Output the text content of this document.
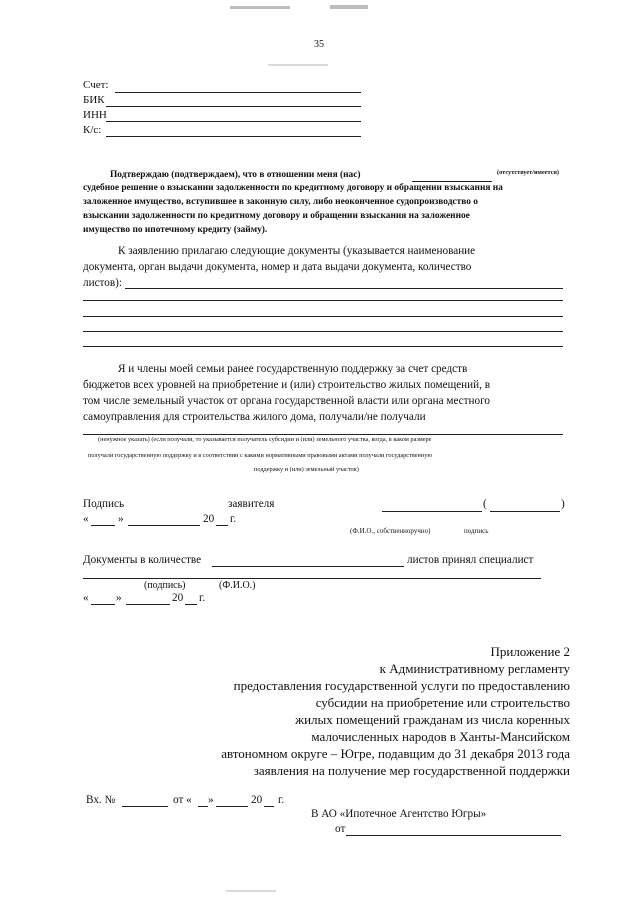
35
Счет:
БИК
ИНН
К/с:
Подтверждаю (подтверждаем), что в отношении меня (нас)	(отсутствует/имеется)
судебное решение о взыскании задолженности по кредитному договору и обращении взыскания на
заложенное имущество, вступившее в законную силу, либо неоконченное судопроизводство о
взыскании задолженности по кредитному договору и обращении взыскания на заложенное
имущество по ипотечному кредиту (займу).
К заявлению прилагаю следующие документы (указывается наименование
документа, орган выдачи документа, номер и дата выдачи документа, количество
листов):
Я и члены моей семьи ранее государственную поддержку за счет средств
бюджетов всех уровней на приобретение и (или) строительство жилых помещений, в
том числе земельный участок от органа государственной власти или органа местного
самоуправления для строительства жилого дома, получали/не получали
(ненужное указать) (если получали, то указывается получатель субсидии и (или) земельного участка, когда, в каком размере
получали государственную поддержку и в соответствии с какими нормативными правовыми актами получали государственную
поддержку и (или) земельный участок)
Подпись	заявителя	(	)
«	»	20 г.
(Ф.И.О., собственноручно)	подпись
Документы в количестве	листов принял специалист
(подпись)	(Ф.И.О.)
« »	20 г.
Приложение 2
к Административному регламенту
предоставления государственной услуги по предоставлению
субсидии на приобретение или строительство
жилых помещений гражданам из числа коренных
малочисленных народов в Ханты-Мансийском
автономном округе – Югре, подавщим до 31 декабря 2013 года
заявления на получение мер государственной поддержки
Вх. №	от « »	20 г.
В АО «Ипотечное Агентство Югры»
от
